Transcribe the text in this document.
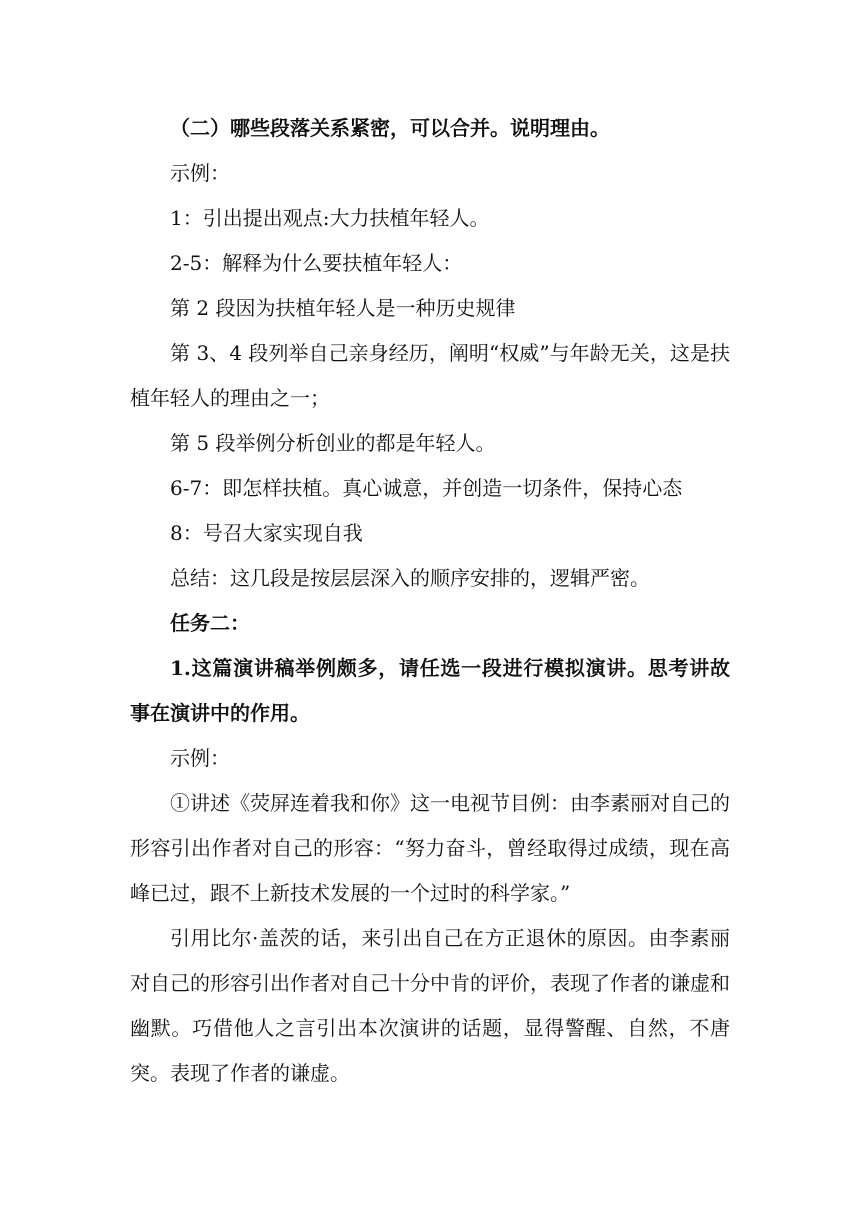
（二）哪些段落关系紧密，可以合并。说明理由。

示例：

1：引出提出观点:大力扶植年轻人。

2-5：解释为什么要扶植年轻人：

第 2 段因为扶植年轻人是一种历史规律

第 3、4 段列举自己亲身经历，阐明“权威”与年龄无关，这是扶植年轻人的理由之一；

第 5 段举例分析创业的都是年轻人。

6-7：即怎样扶植。真心诚意，并创造一切条件，保持心态

8：号召大家实现自我

总结：这几段是按层层深入的顺序安排的，逻辑严密。

任务二：

1.这篇演讲稿举例颇多，请任选一段进行模拟演讲。思考讲故事在演讲中的作用。

示例：

①讲述《荧屏连着我和你》这一电视节目例：由李素丽对自己的形容引出作者对自己的形容：“努力奋斗，曾经取得过成绩，现在高峰已过，跟不上新技术发展的一个过时的科学家。”

引用比尔·盖茨的话，来引出自己在方正退休的原因。由李素丽对自己的形容引出作者对自己十分中肯的评价，表现了作者的谦虚和幽默。巧借他人之言引出本次演讲的话题，显得警醒、自然，不唐突。表现了作者的谦虚。
